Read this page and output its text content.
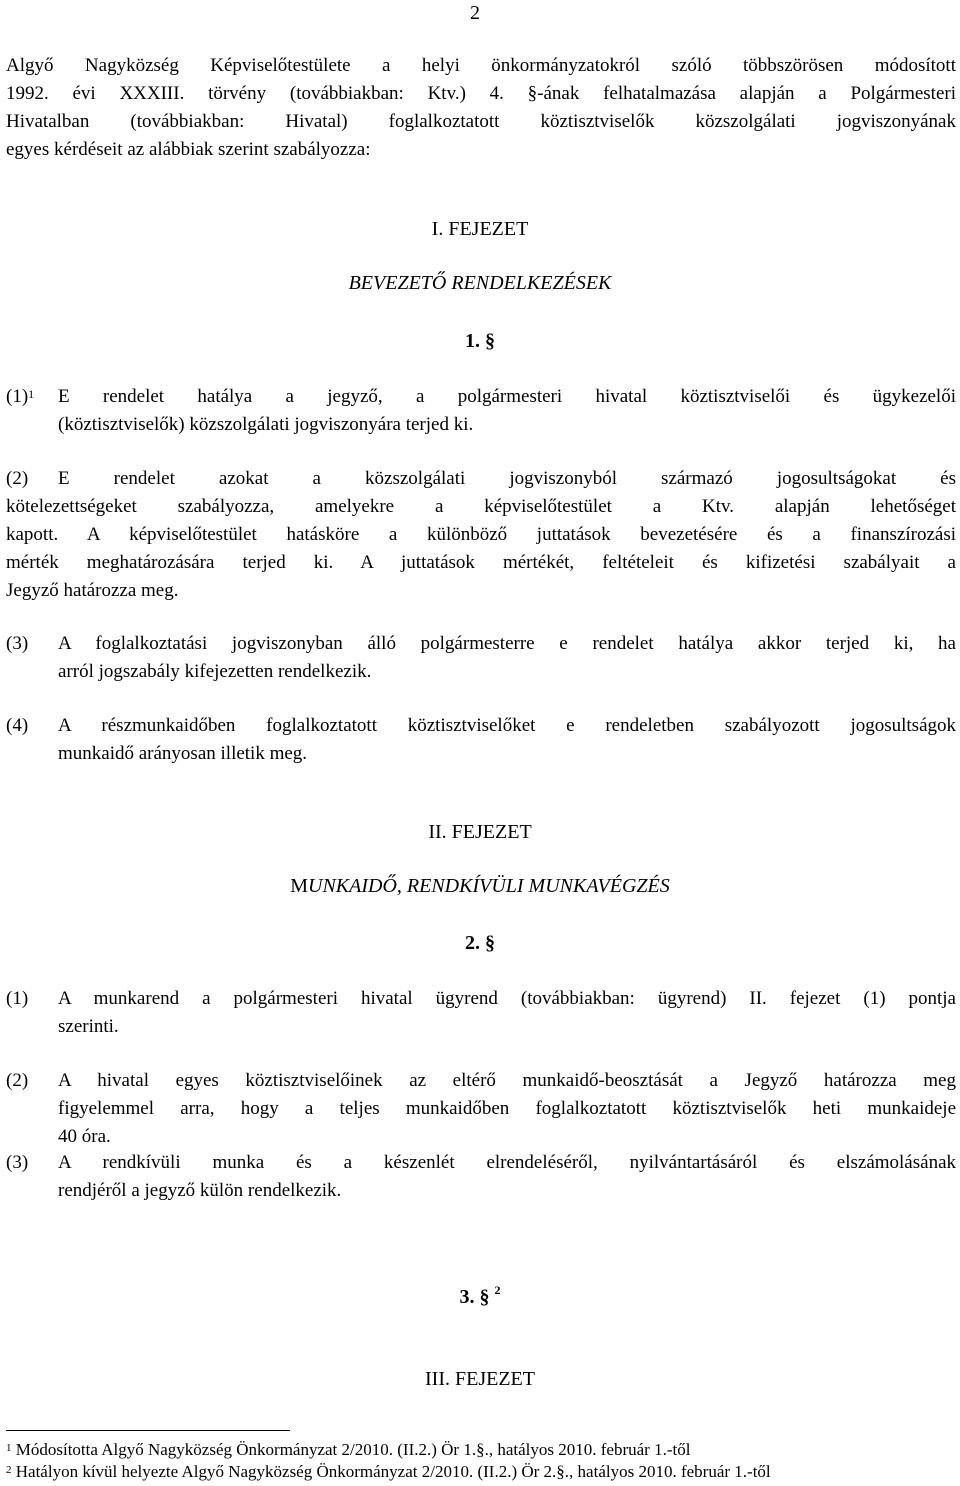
2
Algyő Nagyközség Képviselőtestülete a helyi önkormányzatokról szóló többszörösen módosított
1992. évi XXXIII. törvény (továbbiakban: Ktv.) 4. §-ának felhatalmazása alapján a Polgármesteri
Hivatalban (továbbiakban: Hivatal) foglalkoztatott köztisztviselők közszolgálati jogviszonyának
egyes kérdéseit az alábbiak szerint szabályozza:
I. FEJEZET
BEVEZETŐ RENDELKEZÉSEK
1. §
$(1)^1$ E rendelet hatálya a jegyző, a polgármesteri hivatal köztisztviselői és ügykezelői
(köztisztviselők) közszolgálati jogviszonyára terjed ki.
(2) E rendelet azokat a közszolgálati jogviszonyból származó jogosultságokat és
kötelezettségeket szabályozza, amelyekre a képviselőtestület a Ktv. alapján lehetőséget
kapott. A képviselőtestület hatásköre a különböző juttatások bevezetésére és a finanszírozási
mérték meghatározására terjed ki. A juttatások mértékét, feltételeit és kifizetési szabályait a
Jegyző határozza meg.
(3) A foglalkoztatási jogviszonyban álló polgármesterre e rendelet hatálya akkor terjed ki, ha
arról jogszabály kifejezetten rendelkezik.
(4) A részmunkaidőben foglalkoztatott köztisztviselőket e rendeletben szabályozott jogosultságok
munkaidő arányosan illetik meg.
II. FEJEZET
MUNKAIDŐ, RENDKÍVÜLI MUNKAVÉGZÉS
2. §
(1) A munkarend a polgármesteri hivatal ügyrend (továbbiakban: ügyrend) II. fejezet (1) pontja
szerinti.
(2) A hivatal egyes köztisztviselőinek az eltérő munkaidő-beosztását a Jegyző határozza meg
figyelemmel arra, hogy a teljes munkaidőben foglalkoztatott köztisztviselők heti munkaideje
40 óra.
(3) A rendkívüli munka és a készenlét elrendeléséről, nyilvántartásáról és elszámolásának
rendjéről a jegyző külön rendelkezik.
3. § $^2$
III. FEJEZET
$^1$ Módosította Algyő Nagyközség Önkormányzat 2/2010. (II.2.) Ör 1.§., hatályos 2010. február 1.-től
$^2$ Hatályon kívül helyezte Algyő Nagyközség Önkormányzat 2/2010. (II.2.) Ör 2.§., hatályos 2010. február 1.-től
